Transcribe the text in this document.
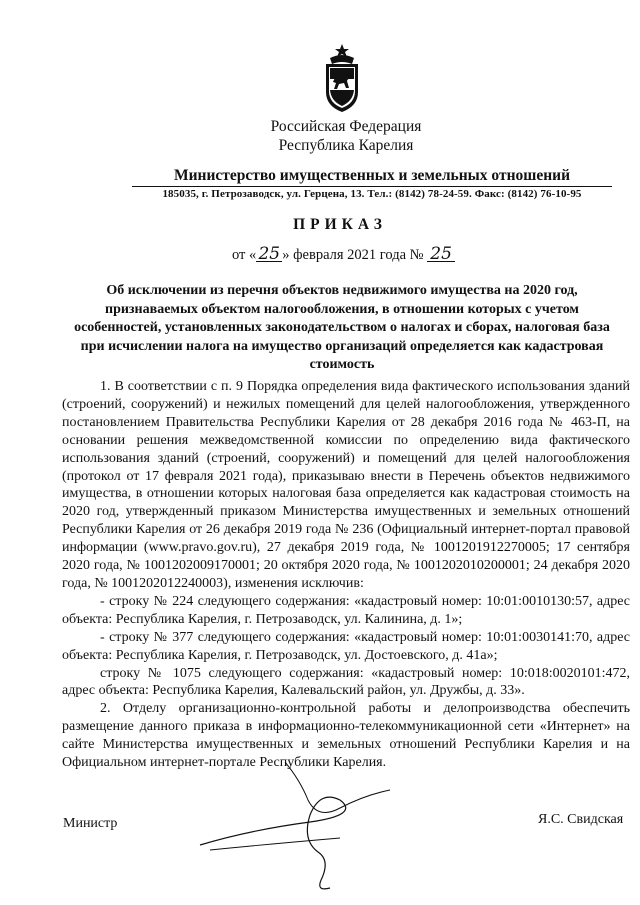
Российская Федерация
Республика Карелия
Министерство имущественных и земельных отношений
185035, г. Петрозаводск, ул. Герцена, 13. Тел.: (8142) 78-24-59. Факс: (8142) 76-10-95
ПРИКАЗ
от « 25 » февраля 2021 года № 25
Об исключении из перечня объектов недвижимого имущества на 2020 год, признаваемых объектом налогообложения, в отношении которых с учетом особенностей, установленных законодательством о налогах и сборах, налоговая база при исчислении налога на имущество организаций определяется как кадастровая стоимость

1. В соответствии с п. 9 Порядка определения вида фактического использования зданий (строений, сооружений) и нежилых помещений для целей налогообложения, утвержденного постановлением Правительства Республики Карелия от 28 декабря 2016 года № 463-П, на основании решения межведомственной комиссии по определению вида фактического использования зданий (строений, сооружений) и помещений для целей налогообложения (протокол от 17 февраля 2021 года), приказываю внести в Перечень объектов недвижимого имущества, в отношении которых налоговая база определяется как кадастровая стоимость на 2020 год, утвержденный приказом Министерства имущественных и земельных отношений Республики Карелия от 26 декабря 2019 года № 236 (Официальный интернет-портал правовой информации (www.pravo.gov.ru), 27 декабря 2019 года, № 1001201912270005; 17 сентября 2020 года, № 1001202009170001; 20 октября 2020 года, № 1001202010200001; 24 декабря 2020 года, № 1001202012240003), изменения исключив:

- строку № 224 следующего содержания: «кадастровый номер: 10:01:0010130:57, адрес объекта: Республика Карелия, г. Петрозаводск, ул. Калинина, д. 1»;

- строку № 377 следующего содержания: «кадастровый номер: 10:01:0030141:70, адрес объекта: Республика Карелия, г. Петрозаводск, ул. Достоевского, д. 41а»;

строку № 1075 следующего содержания: «кадастровый номер: 10:018:0020101:472, адрес объекта: Республика Карелия, Калевальский район, ул. Дружбы, д. 33».

2. Отделу организационно-контрольной работы и делопроизводства обеспечить размещение данного приказа в информационно-телекоммуникационной сети «Интернет» на сайте Министерства имущественных и земельных отношений Республики Карелия и на Официальном интернет-портале Республики Карелия.

Министр	Я.С. Свидская
